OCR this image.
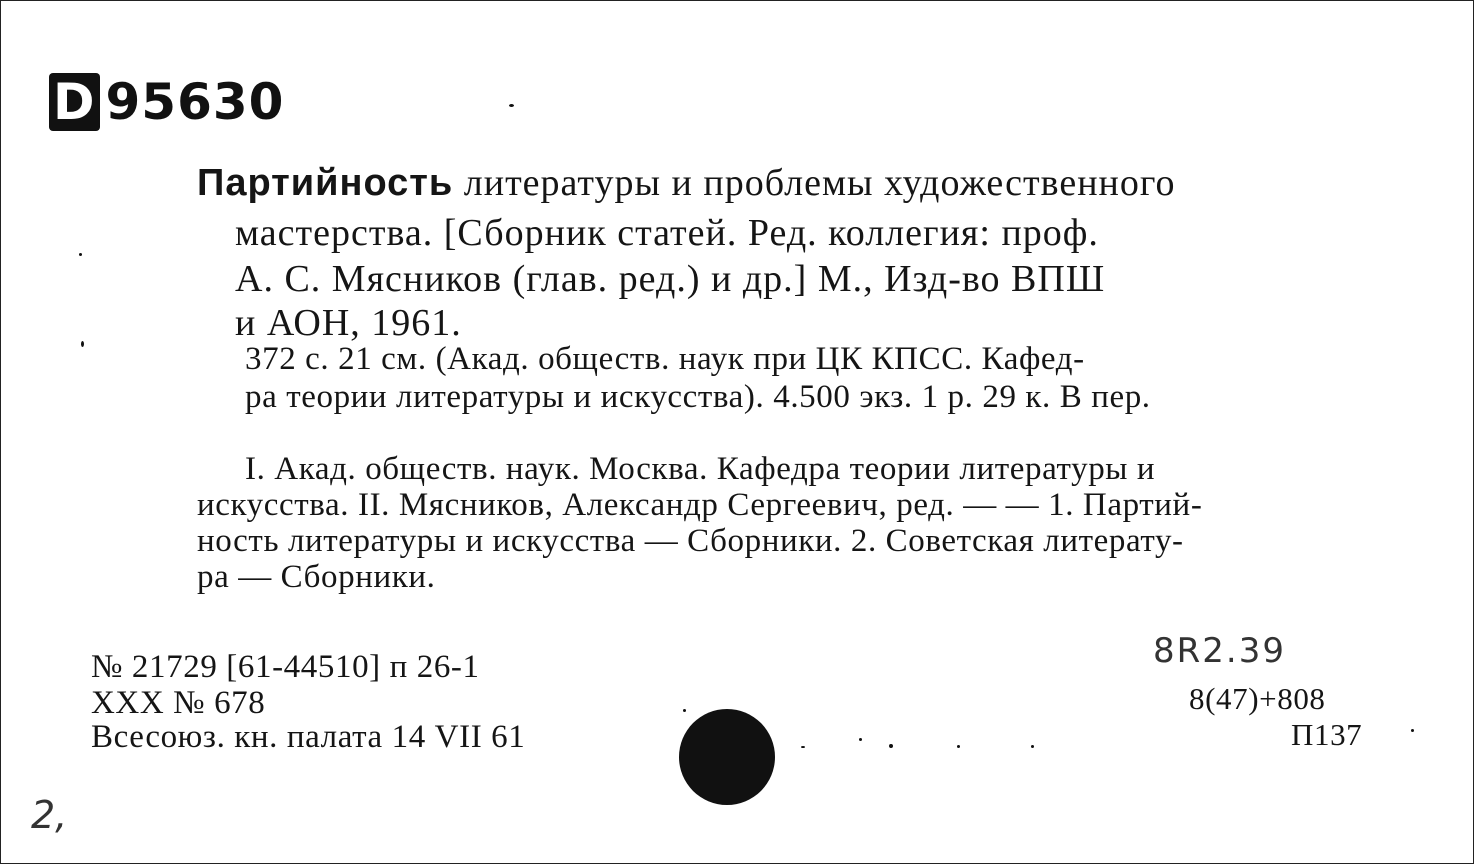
D 95630
Партийность литературы и проблемы художественного
мастерства. [Сборник статей. Ред. коллегия: проф.
А. С. Мясников (глав. ред.) и др.] М., Изд-во ВПШ
и АОН, 1961.
372 с. 21 см. (Акад. обществ. наук при ЦК КПСС. Кафед-
ра теории литературы и искусства). 4.500 экз. 1 р. 29 к. В пер.
I. Акад. обществ. наук. Москва. Кафедра теории литературы и
искусства. II. Мясников, Александр Сергеевич, ред. — — 1. Партий-
ность литературы и искусства — Сборники. 2. Советская литерату-
ра — Сборники.
№ 21729 [61-44510] п 26-1
XXX № 678
Всесоюз. кн. палата 14 VII 61
8R2.39
8(47)+808
П137
2,
